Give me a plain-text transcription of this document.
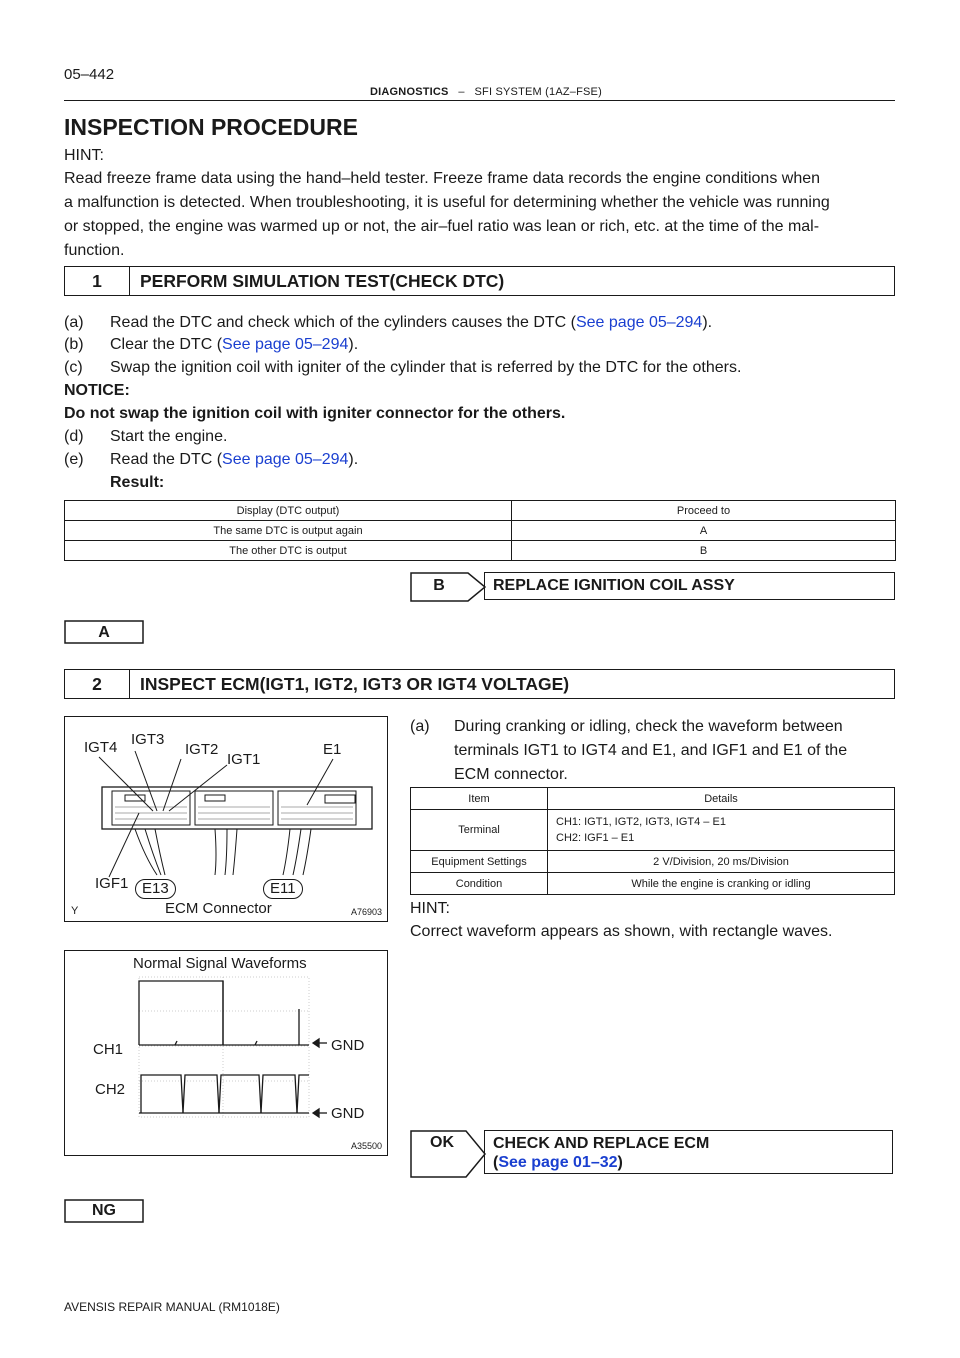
05–442
DIAGNOSTICS – SFI SYSTEM (1AZ–FSE)
INSPECTION PROCEDURE
HINT:
Read freeze frame data using the hand–held tester. Freeze frame data records the engine conditions when
a malfunction is detected. When troubleshooting, it is useful for determining whether the vehicle was running
or stopped, the engine was warmed up or not, the air–fuel ratio was lean or rich, etc. at the time of the mal-
function.
1	PERFORM SIMULATION TEST(CHECK DTC)
(a) Read the DTC and check which of the cylinders causes the DTC (See page 05–294).
(b) Clear the DTC (See page 05–294).
(c) Swap the ignition coil with igniter of the cylinder that is referred by the DTC for the others.
NOTICE:
Do not swap the ignition coil with igniter connector for the others.
(d) Start the engine.
(e) Read the DTC (See page 05–294).
Result:
Display (DTC output)	Proceed to
The same DTC is output again	A
The other DTC is output	B
B	REPLACE IGNITION COIL ASSY
A
2	INSPECT ECM(IGT1, IGT2, IGT3 OR IGT4 VOLTAGE)
IGT4 IGT3
IGT2
IGT1
E1
IGF1 E13	E11
ECM Connector
Y	A76903
Normal Signal Waveforms
CH1
CH2
GND
GND
A35500
(a) During cranking or idling, check the waveform between
terminals IGT1 to IGT4 and E1, and IGF1 and E1 of the
ECM connector.
Item	Details
Terminal	CH1: IGT1, IGT2, IGT3, IGT4 – E1
CH2: IGF1 – E1

Equipment Settings	2 V/Division, 20 ms/Division
Condition	While the engine is cranking or idling
HINT:
Correct waveform appears as shown, with rectangle waves.
OK	CHECK AND REPLACE ECM
(See page 01–32)
NG
AVENSIS REPAIR MANUAL (RM1018E)
